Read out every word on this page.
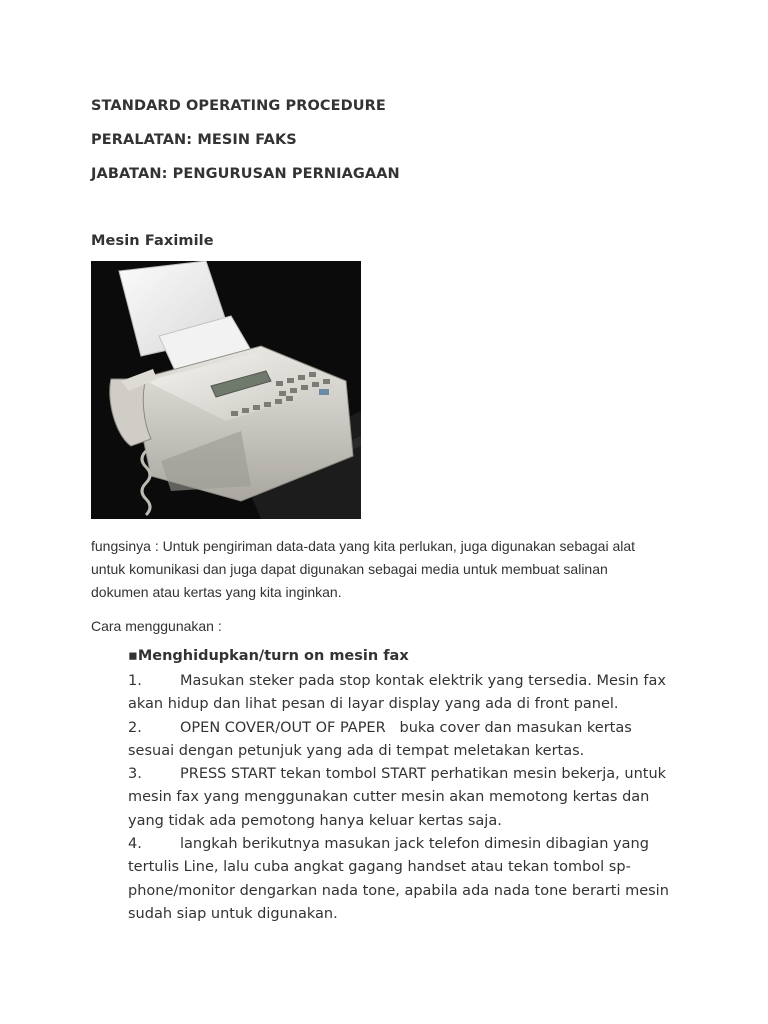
STANDARD OPERATING PROCEDURE
PERALATAN: MESIN FAKS
JABATAN: PENGURUSAN PERNIAGAAN
Mesin Faximile
fungsinya : Untuk pengiriman data-data yang kita perlukan, juga digunakan sebagai alat
untuk komunikasi dan juga dapat digunakan sebagai media untuk membuat salinan
dokumen atau kertas yang kita inginkan.
Cara menggunakan :
▪Menghidupkan/turn on mesin fax
1.	Masukan steker pada stop kontak elektrik yang tersedia. Mesin fax
akan hidup dan lihat pesan di layar display yang ada di front panel.
2.	OPEN COVER/OUT OF PAPER   buka cover dan masukan kertas
sesuai dengan petunjuk yang ada di tempat meletakan kertas.
3.	PRESS START tekan tombol START perhatikan mesin bekerja, untuk
mesin fax yang menggunakan cutter mesin akan memotong kertas dan
yang tidak ada pemotong hanya keluar kertas saja.
4.	langkah berikutnya masukan jack telefon dimesin dibagian yang
tertulis Line, lalu cuba angkat gagang handset atau tekan tombol sp-
phone/monitor dengarkan nada tone, apabila ada nada tone berarti mesin
sudah siap untuk digunakan.
